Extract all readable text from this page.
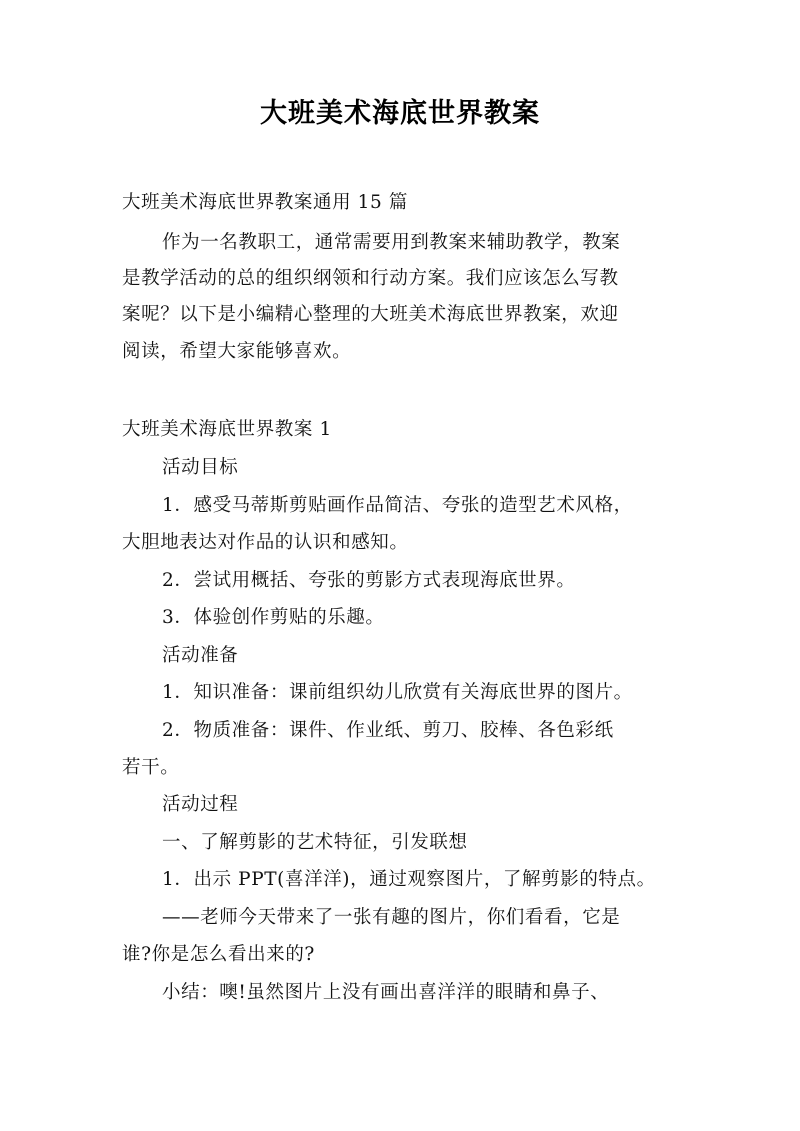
大班美术海底世界教案
大班美术海底世界教案通用 15 篇
作为一名教职工，通常需要用到教案来辅助教学，教案
是教学活动的总的组织纲领和行动方案。我们应该怎么写教
案呢？以下是小编精心整理的大班美术海底世界教案，欢迎
阅读，希望大家能够喜欢。
大班美术海底世界教案 1
活动目标
1．感受马蒂斯剪贴画作品简洁、夸张的造型艺术风格，
大胆地表达对作品的认识和感知。
2．尝试用概括、夸张的剪影方式表现海底世界。
3．体验创作剪贴的乐趣。
活动准备
1．知识准备：课前组织幼儿欣赏有关海底世界的图片。
2．物质准备：课件、作业纸、剪刀、胶棒、各色彩纸
若干。
活动过程
一、了解剪影的艺术特征，引发联想
1．出示 PPT(喜洋洋)，通过观察图片，了解剪影的特点。
——老师今天带来了一张有趣的图片，你们看看，它是
谁?你是怎么看出来的?
小结：噢!虽然图片上没有画出喜洋洋的眼睛和鼻子、
